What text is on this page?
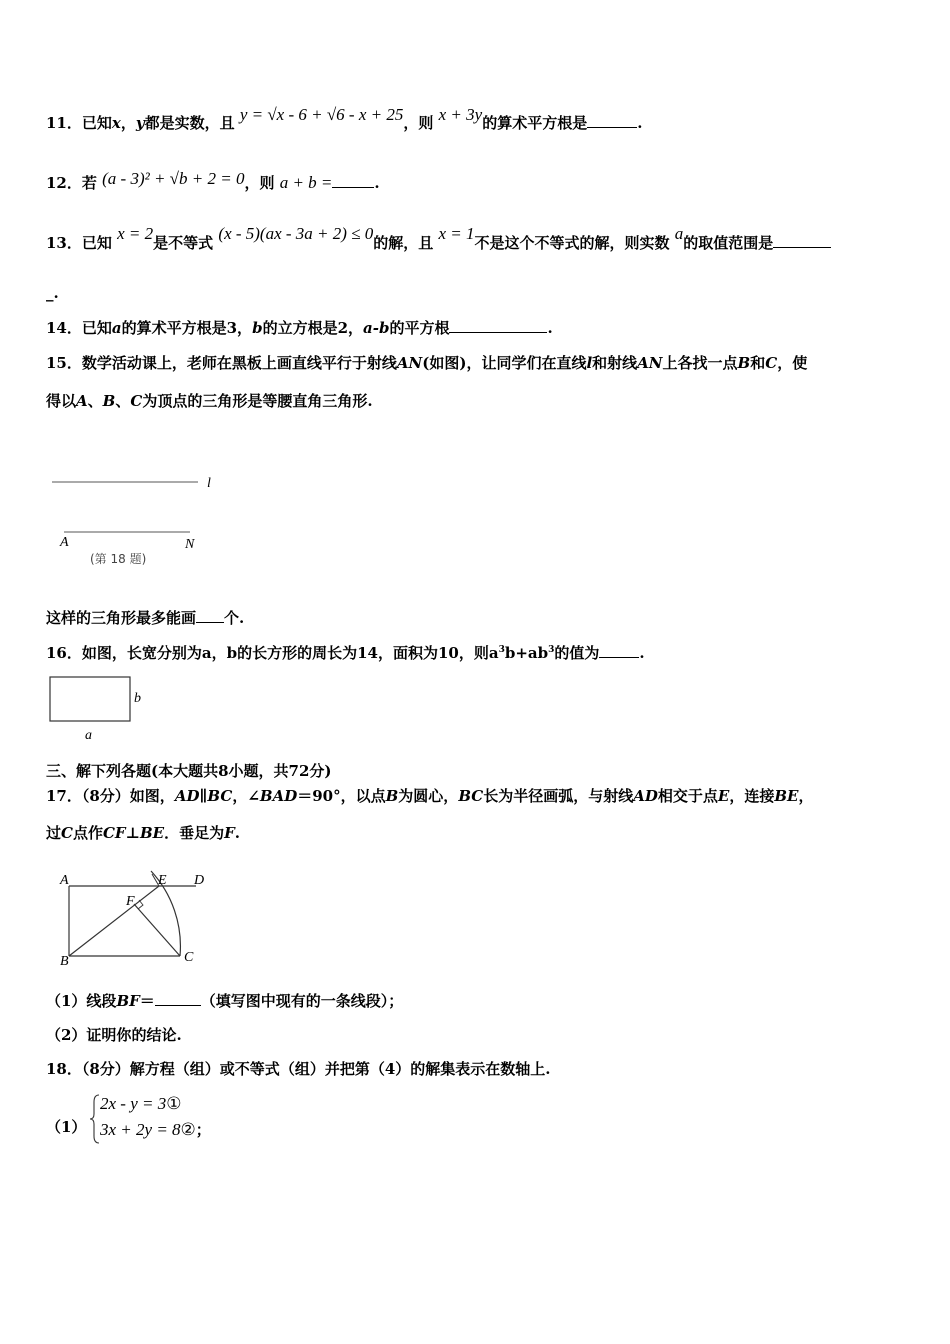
11．已知x，y都是实数，且 y = √x - 6 + √6 - x + 25，则 x + 3y的算术平方根是	.
12．若 (a - 3)² + √b + 2 = 0，则 a + b =	.
13．已知 x = 2是不等式 (x - 5)(ax - 3a + 2) ≤ 0的解，且 x = 1不是这个不等式的解，则实数 a的取值范围是
_.
14．已知a的算术平方根是3，b的立方根是2，a-b的平方根	.
15．数学活动课上，老师在黑板上画直线平行于射线AN(如图)，让同学们在直线l和射线AN上各找一点B和C，使
得以A、B、C为顶点的三角形是等腰直角三角形.
l
A	N
(第 18 题)
这样的三角形最多能画 个.
16．如图，长宽分别为a，b的长方形的周长为14，面积为10，则$a^3b+ab^3$的值为	.
b
a
三、解下列各题(本大题共8小题，共72分)
17．（8分）如图，AD∥BC，∠BAD＝90°，以点B为圆心，BC长为半径画弧，与射线AD相交于点E，连接BE，
过C点作CF⊥BE．垂足为F.
A	E D
F
B	C
（1）线段BF＝	（填写图中现有的一条线段）；
（2）证明你的结论.
18．（8分）解方程（组）或不等式（组）并把第（4）的解集表示在数轴上.
（1）
2x - y = 3①
3x + 2y = 8②；
